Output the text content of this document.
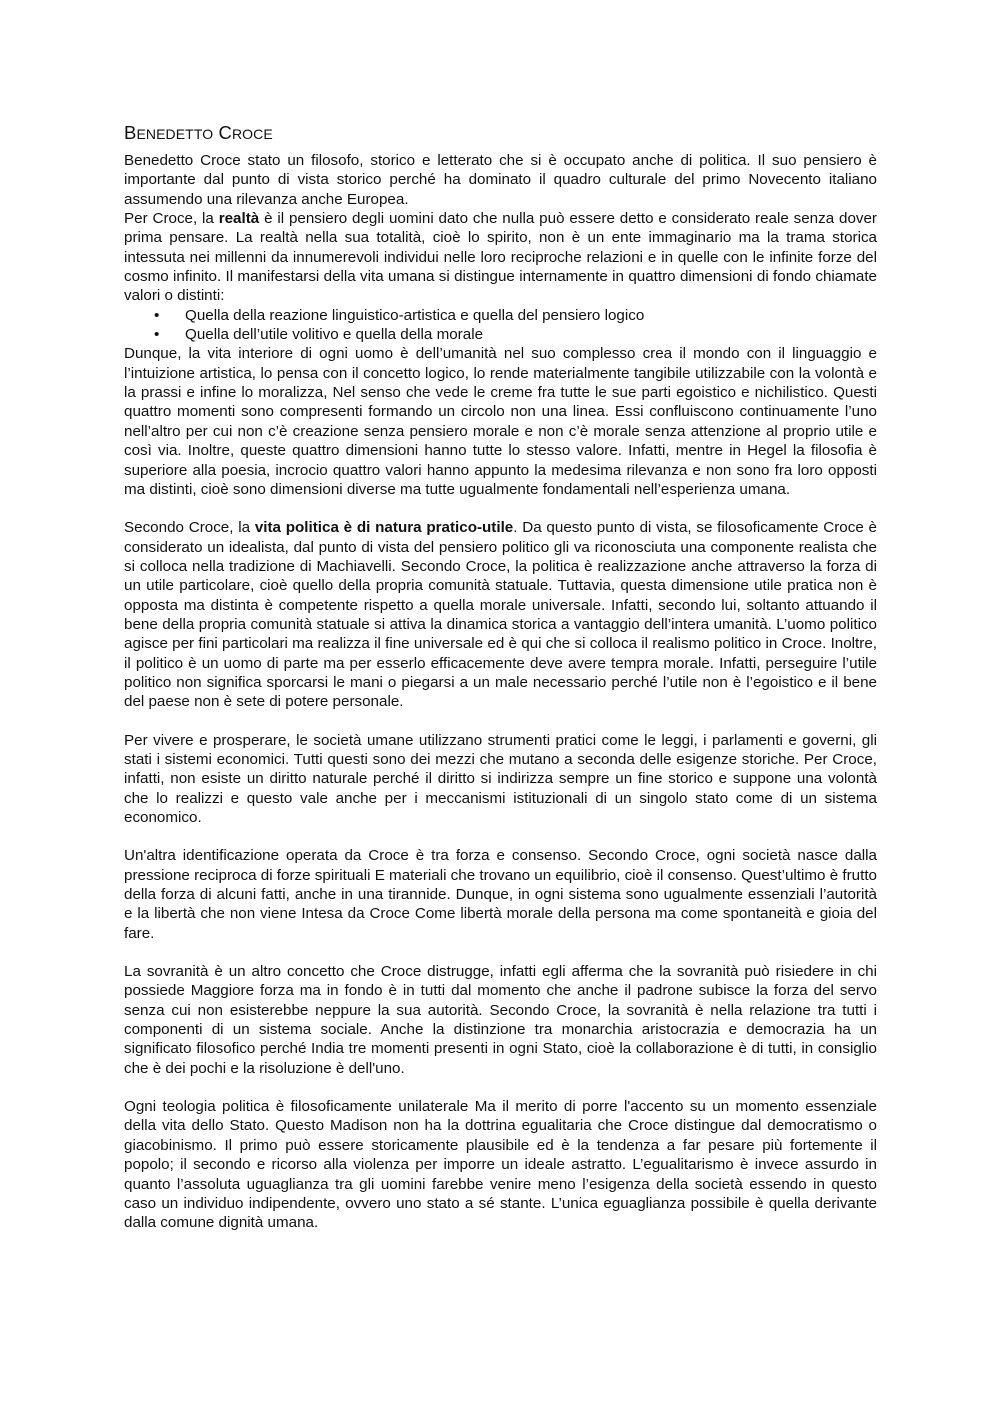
BENEDETTO CROCE

Benedetto Croce stato un filosofo, storico e letterato che si è occupato anche di politica. Il suo pensiero è importante dal punto di vista storico perché ha dominato il quadro culturale del primo Novecento italiano assumendo una rilevanza anche Europea.

Per Croce, la realtà è il pensiero degli uomini dato che nulla può essere detto e considerato reale senza dover prima pensare. La realtà nella sua totalità, cioè lo spirito, non è un ente immaginario ma la trama storica intessuta nei millenni da innumerevoli individui nelle loro reciproche relazioni e in quelle con le infinite forze del cosmo infinito. Il manifestarsi della vita umana si distingue internamente in quattro dimensioni di fondo chiamate valori o distinti:

• Quella della reazione linguistico-artistica e quella del pensiero logico
• Quella dell’utile volitivo e quella della morale

Dunque, la vita interiore di ogni uomo è dell’umanità nel suo complesso crea il mondo con il linguaggio e l’intuizione artistica, lo pensa con il concetto logico, lo rende materialmente tangibile utilizzabile con la volontà e la prassi e infine lo moralizza, Nel senso che vede le creme fra tutte le sue parti egoistico e nichilistico. Questi quattro momenti sono compresenti formando un circolo non una linea. Essi confluiscono continuamente l’uno nell’altro per cui non c’è creazione senza pensiero morale e non c’è morale senza attenzione al proprio utile e così via. Inoltre, queste quattro dimensioni hanno tutte lo stesso valore. Infatti, mentre in Hegel la filosofia è superiore alla poesia, incrocio quattro valori hanno appunto la medesima rilevanza e non sono fra loro opposti ma distinti, cioè sono dimensioni diverse ma tutte ugualmente fondamentali nell’esperienza umana.

Secondo Croce, la vita politica è di natura pratico-utile. Da questo punto di vista, se filosoficamente Croce è considerato un idealista, dal punto di vista del pensiero politico gli va riconosciuta una componente realista che si colloca nella tradizione di Machiavelli. Secondo Croce, la politica è realizzazione anche attraverso la forza di un utile particolare, cioè quello della propria comunità statuale. Tuttavia, questa dimensione utile pratica non è opposta ma distinta è competente rispetto a quella morale universale. Infatti, secondo lui, soltanto attuando il bene della propria comunità statuale si attiva la dinamica storica a vantaggio dell’intera umanità. L’uomo politico agisce per fini particolari ma realizza il fine universale ed è qui che si colloca il realismo politico in Croce. Inoltre, il politico è un uomo di parte ma per esserlo efficacemente deve avere tempra morale. Infatti, perseguire l’utile politico non significa sporcarsi le mani o piegarsi a un male necessario perché l’utile non è l’egoistico e il bene del paese non è sete di potere personale.

Per vivere e prosperare, le società umane utilizzano strumenti pratici come le leggi, i parlamenti e governi, gli stati i sistemi economici. Tutti questi sono dei mezzi che mutano a seconda delle esigenze storiche. Per Croce, infatti, non esiste un diritto naturale perché il diritto si indirizza sempre un fine storico e suppone una volontà che lo realizzi e questo vale anche per i meccanismi istituzionali di un singolo stato come di un sistema economico.

Un'altra identificazione operata da Croce è tra forza e consenso. Secondo Croce, ogni società nasce dalla pressione reciproca di forze spirituali E materiali che trovano un equilibrio, cioè il consenso. Quest’ultimo è frutto della forza di alcuni fatti, anche in una tirannide. Dunque, in ogni sistema sono ugualmente essenziali l’autorità e la libertà che non viene Intesa da Croce Come libertà morale della persona ma come spontaneità e gioia del fare.

La sovranità è un altro concetto che Croce distrugge, infatti egli afferma che la sovranità può risiedere in chi possiede Maggiore forza ma in fondo è in tutti dal momento che anche il padrone subisce la forza del servo senza cui non esisterebbe neppure la sua autorità. Secondo Croce, la sovranità è nella relazione tra tutti i componenti di un sistema sociale. Anche la distinzione tra monarchia aristocrazia e democrazia ha un significato filosofico perché India tre momenti presenti in ogni Stato, cioè la collaborazione è di tutti, in consiglio che è dei pochi e la risoluzione è dell'uno.

Ogni teologia politica è filosoficamente unilaterale Ma il merito di porre l'accento su un momento essenziale della vita dello Stato. Questo Madison non ha la dottrina egualitaria che Croce distingue dal democratismo o giacobinismo. Il primo può essere storicamente plausibile ed è la tendenza a far pesare più fortemente il popolo; il secondo e ricorso alla violenza per imporre un ideale astratto. L’egualitarismo è invece assurdo in quanto l’assoluta uguaglianza tra gli uomini farebbe venire meno l’esigenza della società essendo in questo caso un individuo indipendente, ovvero uno stato a sé stante. L’unica eguaglianza possibile è quella derivante dalla comune dignità umana.
